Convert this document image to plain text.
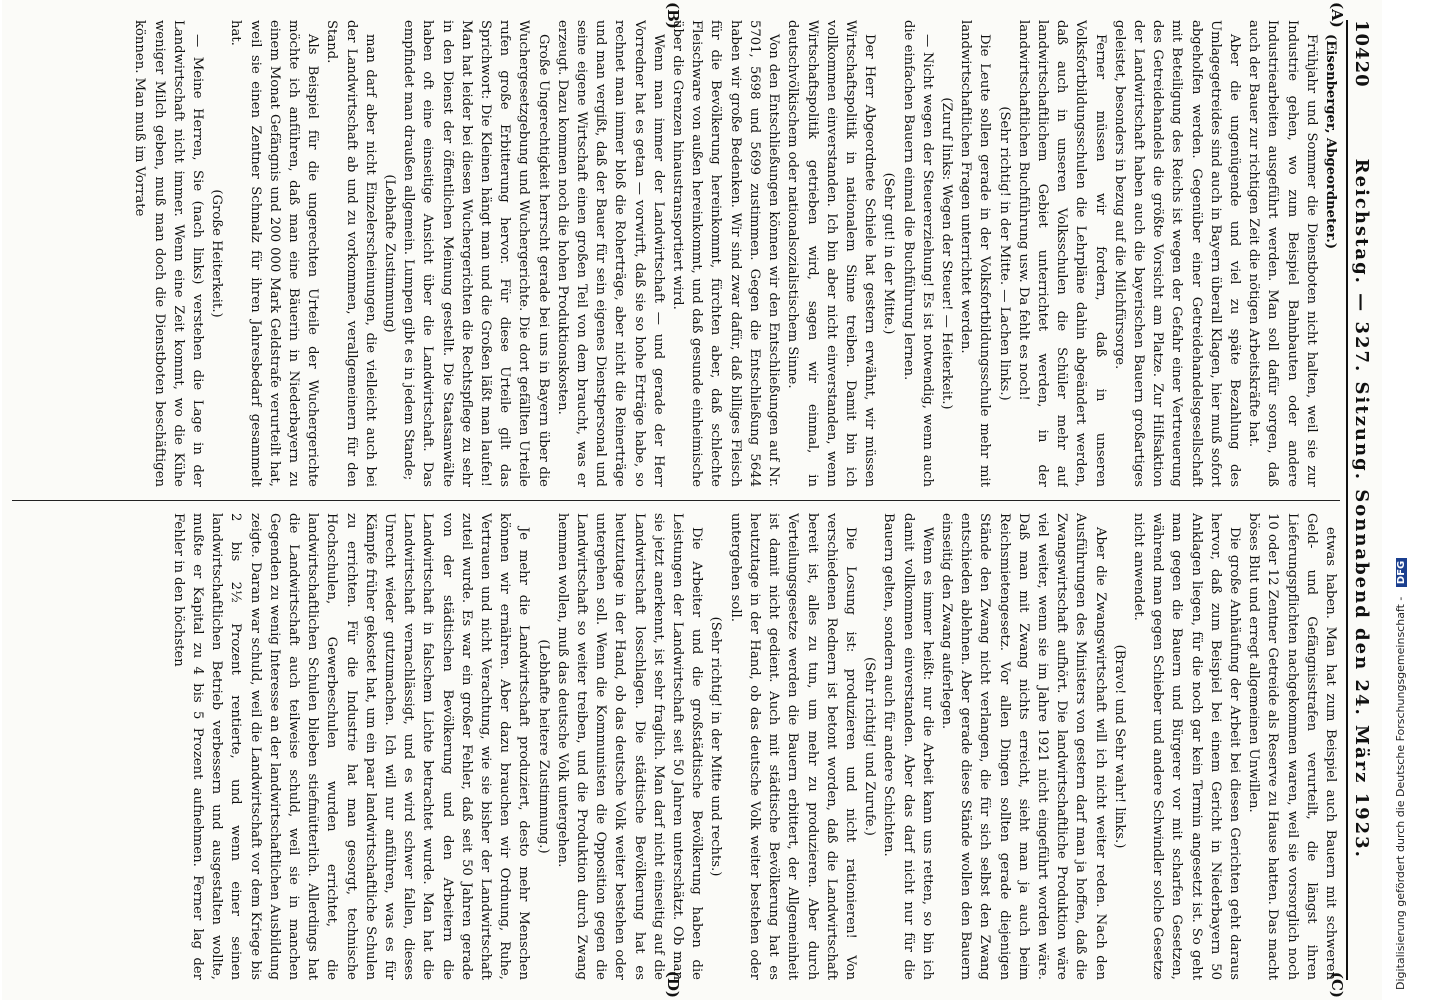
10420
Reichstag. — 327. Sitzung. Sonnabend den 24. März 1923.
(A)
(B)
(C)
(D)

(Eisenberger, Abgeordneter.)

Frühjahr und Sommer die Dienstboten nicht halten, weil sie zur Industrie gehen, wo zum Beispiel Bahnbauten oder andere Industriearbeiten ausgeführt werden. Man soll dafür sorgen, daß auch der Bauer zur richtigen Zeit die nötigen Arbeitskräfte hat.

Aber die ungenügende und viel zu späte Bezahlung des Umlagegetreides sind auch in Bayern überall Klagen, hier muß sofort abgeholfen werden. Gegenüber einer Getreidehandelsgesellschaft mit Beteiligung des Reichs ist wegen der Gefahr einer Vertreuerung des Getreidehandels die größte Vorsicht am Platze. Zur Hilfsaktion der Landwirtschaft haben auch die bayerischen Bauern großartiges geleistet, besonders in bezug auf die Milchfürsorge.

Ferner müssen wir fordern, daß in unseren Volksfortbildungsschulen die Lehrpläne dahin abgeändert werden, daß auch in unseren Volksschulen die Schüler mehr auf landwirtschaftlichem Gebiet unterrichtet werden, in der landwirtschaftlichen Buchführung usw. Da fehlt es noch!

(Sehr richtig! in der Mitte. — Lachen links.)

Die Leute sollen gerade in der Volksfortbildungsschule mehr mit landwirtschaftlichen Fragen unterrichtet werden.

(Zuruf links: Wegen der Steuer! — Heiterkeit.)

— Nicht wegen der Steuererziehung! Es ist notwendig, wenn auch die einfachen Bauern einmal die Buchführung lernen.

(Sehr gut! in der Mitte.)

Der Herr Abgeordnete Schiele hat gestern erwähnt, wir müssen Wirtschaftspolitik in nationalem Sinne treiben. Damit bin ich vollkommen einverstanden. Ich bin aber nicht einverstanden, wenn Wirtschaftspolitik getrieben wird, sagen wir einmal, in deutschvölkischem oder nationalsozialistischem Sinne.

Von den Entschließungen können wir den Entschließungen auf Nr. 5701, 5698 und 5699 zustimmen. Gegen die Entschließung 5644 haben wir große Bedenken. Wir sind zwar dafür, daß billiges Fleisch für die Bevölkerung hereinkommt, fürchten aber, daß schlechte Fleischware von außen hereinkommt, und daß gesunde einheimische über die Grenzen hinaustransportiert wird.

Wenn man immer der Landwirtschaft — und gerade der Herr Vorredner hat es getan — vorwirft, daß sie so hohe Erträge habe, so rechnet man immer bloß die Roherträge, aber nicht die Reinerträge und man vergißt, daß der Bauer für sein eigenes Dienstpersonal und seine eigene Wirtschaft einen großen Teil von dem braucht, was er erzeugt. Dazu kommen noch die hohen Produktionskosten.

Große Ungerechtigkeit herrscht gerade bei uns in Bayern über die Wuchergesetzgebung und Wuchergerichte. Die dort gefällten Urteile rufen große Erbitterung hervor. Für diese Urteile gilt das Sprichwort: Die Kleinen hängt man und die Großen läßt man laufen! Man hat leider bei diesen Wuchergerichten die Rechtspflege zu sehr in den Dienst der öffentlichen Meinung gestellt. Die Staatsanwälte haben oft eine einseitige Ansicht über die Landwirtschaft. Das empfindet man draußen allgemein. Lumpen gibt es in jedem Stande;

(Lebhafte Zustimmung)

man darf aber nicht Einzelerscheinungen, die vielleicht auch bei der Landwirtschaft ab und zu vorkommen, verallgemeinern für den Stand.

Als Beispiel für die ungerechten Urteile der Wuchergerichte möchte ich anführen, daß man eine Bäuerin in Niederbayern zu einem Monat Gefängnis und 200 000 Mark Geldstrafe verurteilt hat, weil sie einen Zentner Schmalz für ihren Jahresbedarf gesammelt hat.

(Große Heiterkeit.)

— Meine Herren, Sie (nach links) verstehen die Lage in der Landwirtschaft nicht immer. Wenn eine Zeit kommt, wo die Kühe weniger Milch geben, muß man doch die Dienstboten beschäftigen können. Man muß im Vorrate

etwas haben. Man hat zum Beispiel auch Bauern mit schweren Geld- und Gefängnisstrafen verurteilt, die längst ihren Lieferungspflichten nachgekommen waren, weil sie vorsorglich noch 10 oder 12 Zentner Getreide als Reserve zu Hause hatten. Das macht böses Blut und erregt allgemeinen Unwillen.

Die große Anhäufung der Arbeit bei diesen Gerichten geht daraus hervor, daß zum Beispiel bei einem Gericht in Niederbayern 50 Anklagen liegen, für die noch gar kein Termin angesetzt ist. So geht man gegen die Bauern und Bürgerer vor mit scharfen Gesetzen, während man gegen Schieber und andere Schwindler solche Gesetze nicht anwendet.

(Bravo! und Sehr wahr! links.)

Aber die Zwangswirtschaft will ich nicht weiter reden. Nach den Ausführungen des Ministers von gestern darf man ja hoffen, daß die Zwangswirtschaft aufhört. Die landwirtschaftliche Produktion wäre viel weiter, wenn sie im Jahre 1921 nicht eingeführt worden wäre. Daß man mit Zwang nichts erreicht, sieht man ja auch beim Reichsmietengesetz. Vor allen Dingen sollten gerade diejenigen Stände den Zwang nicht verlangen, die für sich selbst den Zwang entschieden ablehnen. Aber gerade diese Stände wollen den Bauern einseitig den Zwang auferlegen.

Wenn es immer heißt: nur die Arbeit kann uns retten, so bin ich damit vollkommen einverstanden. Aber das darf nicht nur für die Bauern gelten, sondern auch für andere Schichten.

(Sehr richtig! und Zurufe.)

Die Losung ist: produzieren und nicht rationieren! Von verschiedenen Rednern ist betont worden, daß die Landwirtschaft bereit ist, alles zu tun, um mehr zu produzieren. Aber durch Verteilungsgesetze werden die Bauern erbittert, der Allgemeinheit ist damit nicht gedient. Auch mit städtische Bevölkerung hat es heutzutage in der Hand, ob das deutsche Volk weiter bestehen oder untergehen soll.

(Sehr richtig! in der Mitte und rechts.)

Die Arbeiter und die großstädtische Bevölkerung haben die Leistungen der Landwirtschaft seit 50 Jahren unterschätzt. Ob man sie jetzt anerkennt, ist sehr fraglich. Man darf nicht einseitig auf die Landwirtschaft losschlagen. Die städtische Bevölkerung hat es heutzutage in der Hand, ob das deutsche Volk weiter bestehen oder untergehen soll. Wenn die Kommunisten die Opposition gegen die Landwirtschaft so weiter treiben, und die Produktion durch Zwang hemmen wollen, muß das deutsche Volk untergehen.

(Lebhafte heitere Zustimmung.)

Je mehr die Landwirtschaft produziert, desto mehr Menschen können wir ernähren. Aber dazu brauchen wir Ordnung, Ruhe, Vertrauen und nicht Verachtung, wie sie bisher der Landwirtschaft zuteil wurde. Es war ein großer Fehler, daß seit 50 Jahren gerade von der städtischen Bevölkerung und den Arbeitern die Landwirtschaft in falschem Lichte betrachtet wurde. Man hat die Landwirtschaft vernachlässigt, und es wird schwer fallen, dieses Unrecht wieder gutzumachen. Ich will nur anführen, was es für Kämpfe früher gekostet hat, um ein paar landwirtschaftliche Schulen zu errichten. Für die Industrie hat man gesorgt, technische Hochschulen, Gewerbeschulen wurden errichtet, die landwirtschaftlichen Schulen blieben stiefmütterlich. Allerdings hat die Landwirtschaft auch teilweise schuld, weil sie in manchen Gegenden zu wenig Interesse an der landwirtschaftlichen Ausbildung zeigte. Daran war schuld, weil die Landwirtschaft vor dem Kriege bis 2 bis 2½ Prozent rentierte, und wenn einer seinen landwirtschaftlichen Betrieb verbessern und ausgestalten wollte, mußte er Kapital zu 4 bis 5 Prozent aufnehmen. Ferner lag der Fehler in den höchsten

Digitalisierung gefördert durch die Deutsche Forschungsgemeinschaft - DFG
